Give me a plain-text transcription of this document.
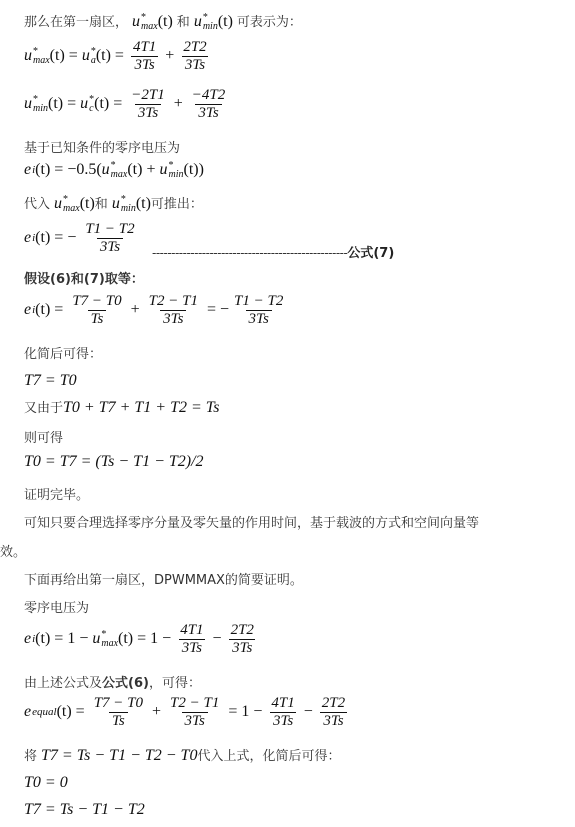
那么在第一扇区， u *
max (t) 和 u *
min (t) 可表示为：
u *
max (t) = u *
a $(t) = \frac{4T1}{3Ts} + \frac{2T2}{3Ts}$
u *
min (t) = u *
c $(t) = \frac{-2T1}{3Ts} + \frac{-4T2}{3Ts}$
基于已知条件的零序电压为
e i (t) = −0.5(u *
max (t) + u *
min (t))
代入 u *
max (t)和 u *
min (t)可推出：
e i (t) = − $\frac{T1 - T2}{3Ts}$ ---------------------------------------------------公式(7)
假设(6)和(7)取等：
e i $(t) = \frac{T7 - T0}{Ts} + \frac{T2 - T1}{3Ts}$ = − $\frac{T1 - T2}{3Ts}$
化简后可得：
T7 = T0
又由于T0 + T7 + T1 + T2 = Ts
则可得
T0 = T7 = (Ts − T1 − T2)/2
证明完毕。
可知只要合理选择零序分量及零矢量的作用时间，基于载波的方式和空间向量等
效。
下面再给出第一扇区，DPWMMAX的简要证明。
零序电压为
e i (t) = 1 − u *
$\max (t) = 1 - \frac{4T1}{3Ts} - \frac{2T2}{3Ts}$
由上述公式及公式(6)，可得：
e equal $(t) = \frac{T7 - T0}{Ts} + \frac{T2 - T1}{3Ts} = 1 - \frac{4T1}{3Ts} - \frac{2T2}{3Ts}$
将 T7 = Ts − T1 − T2 − T0代入上式，化简后可得：
T0 = 0
T7 = Ts − T1 − T2
